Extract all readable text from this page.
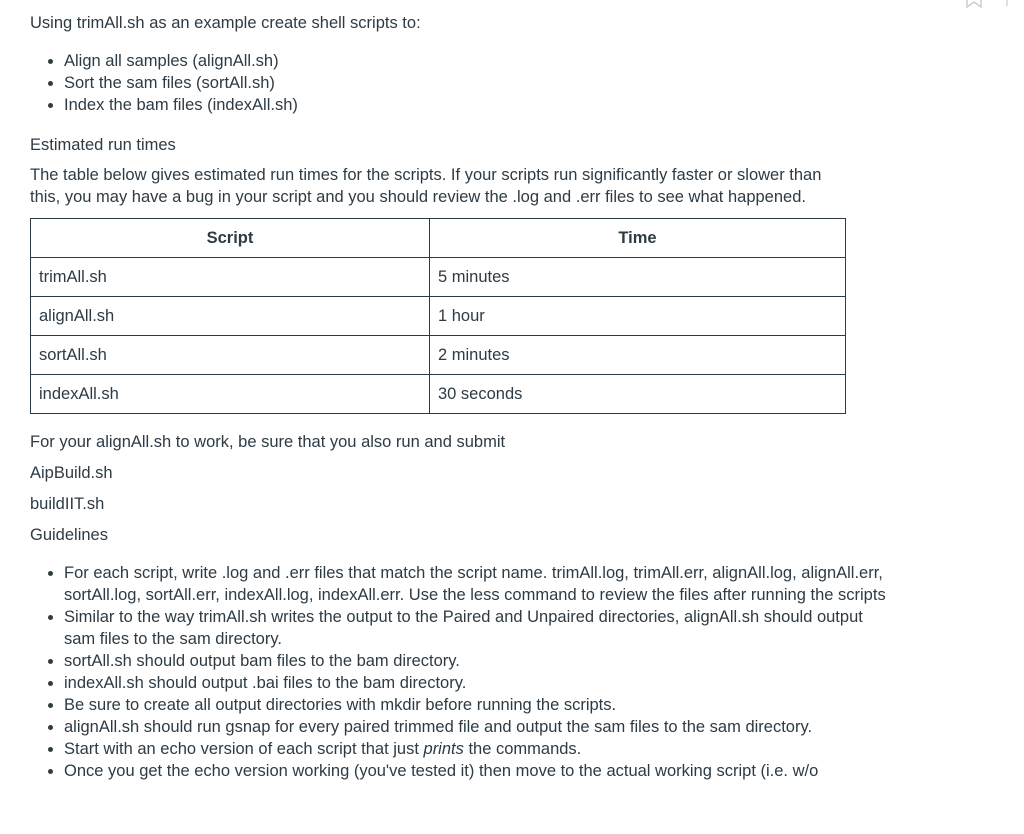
Using trimAll.sh as an example create shell scripts to:

• Align all samples (alignAll.sh)
• Sort the sam files (sortAll.sh)
• Index the bam files (indexAll.sh)

Estimated run times

The table below gives estimated run times for the scripts. If your scripts run significantly faster or slower than this, you may have a bug in your script and you should review the .log and .err files to see what happened.

Script	Time
trimAll.sh	5 minutes
alignAll.sh	1 hour
sortAll.sh	2 minutes
indexAll.sh	30 seconds

For your alignAll.sh to work, be sure that you also run and submit

AipBuild.sh

buildIIT.sh

Guidelines

• For each script, write .log and .err files that match the script name. trimAll.log, trimAll.err, alignAll.log, alignAll.err, sortAll.log, sortAll.err, indexAll.log, indexAll.err. Use the less command to review the files after running the scripts
• Similar to the way trimAll.sh writes the output to the Paired and Unpaired directories, alignAll.sh should output sam files to the sam directory.
• sortAll.sh should output bam files to the bam directory.
• indexAll.sh should output .bai files to the bam directory.
• Be sure to create all output directories with mkdir before running the scripts.
• alignAll.sh should run gsnap for every paired trimmed file and output the sam files to the sam directory.
• Start with an echo version of each script that just prints the commands.
• Once you get the echo version working (you've tested it) then move to the actual working script (i.e. w/o
